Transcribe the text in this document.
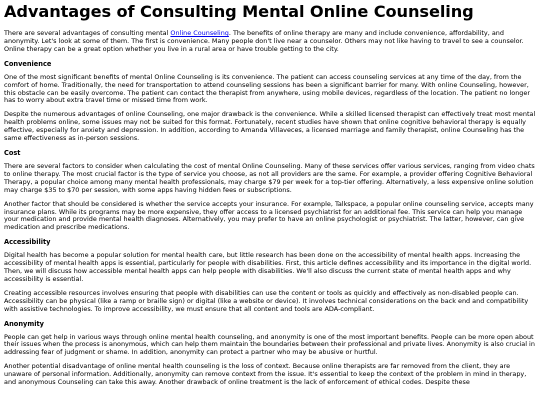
Advantages of Consulting Mental Online Counseling

There are several advantages of consulting mental Online Counseling. The benefits of online therapy are many and include convenience, affordability, and anonymity. Let's look at some of them. The first is convenience. Many people don't live near a counselor. Others may not like having to travel to see a counselor. Online therapy can be a great option whether you live in a rural area or have trouble getting to the city.

Convenience

One of the most significant benefits of mental Online Counseling is its convenience. The patient can access counseling services at any time of the day, from the comfort of home. Traditionally, the need for transportation to attend counseling sessions has been a significant barrier for many. With online Counseling, however, this obstacle can be easily overcome. The patient can contact the therapist from anywhere, using mobile devices, regardless of the location. The patient no longer has to worry about extra travel time or missed time from work.

Despite the numerous advantages of online Counseling, one major drawback is the convenience. While a skilled licensed therapist can effectively treat most mental health problems online, some issues may not be suited for this format. Fortunately, recent studies have shown that online cognitive behavioral therapy is equally effective, especially for anxiety and depression. In addition, according to Amanda Villaveces, a licensed marriage and family therapist, online Counseling has the same effectiveness as in-person sessions.

Cost

There are several factors to consider when calculating the cost of mental Online Counseling. Many of these services offer various services, ranging from video chats to online therapy. The most crucial factor is the type of service you choose, as not all providers are the same. For example, a provider offering Cognitive Behavioral Therapy, a popular choice among many mental health professionals, may charge $79 per week for a top-tier offering. Alternatively, a less expensive online solution may charge $35 to $70 per session, with some apps having hidden fees or subscriptions.

Another factor that should be considered is whether the service accepts your insurance. For example, Talkspace, a popular online counseling service, accepts many insurance plans. While its programs may be more expensive, they offer access to a licensed psychiatrist for an additional fee. This service can help you manage your medication and provide mental health diagnoses. Alternatively, you may prefer to have an online psychologist or psychiatrist. The latter, however, can give medication and prescribe medications.

Accessibility

Digital health has become a popular solution for mental health care, but little research has been done on the accessibility of mental health apps. Increasing the accessibility of mental health apps is essential, particularly for people with disabilities. First, this article defines accessibility and its importance in the digital world. Then, we will discuss how accessible mental health apps can help people with disabilities. We'll also discuss the current state of mental health apps and why accessibility is essential.

Creating accessible resources involves ensuring that people with disabilities can use the content or tools as quickly and effectively as non-disabled people can. Accessibility can be physical (like a ramp or braille sign) or digital (like a website or device). It involves technical considerations on the back end and compatibility with assistive technologies. To improve accessibility, we must ensure that all content and tools are ADA-compliant.

Anonymity

People can get help in various ways through online mental health counseling, and anonymity is one of the most important benefits. People can be more open about their issues when the process is anonymous, which can help them maintain the boundaries between their professional and private lives. Anonymity is also crucial in addressing fear of judgment or shame. In addition, anonymity can protect a partner who may be abusive or hurtful.

Another potential disadvantage of online mental health counseling is the loss of context. Because online therapists are far removed from the client, they are unaware of personal information. Additionally, anonymity can remove context from the issue. It's essential to keep the context of the problem in mind in therapy, and anonymous Counseling can take this away. Another drawback of online treatment is the lack of enforcement of ethical codes. Despite these
